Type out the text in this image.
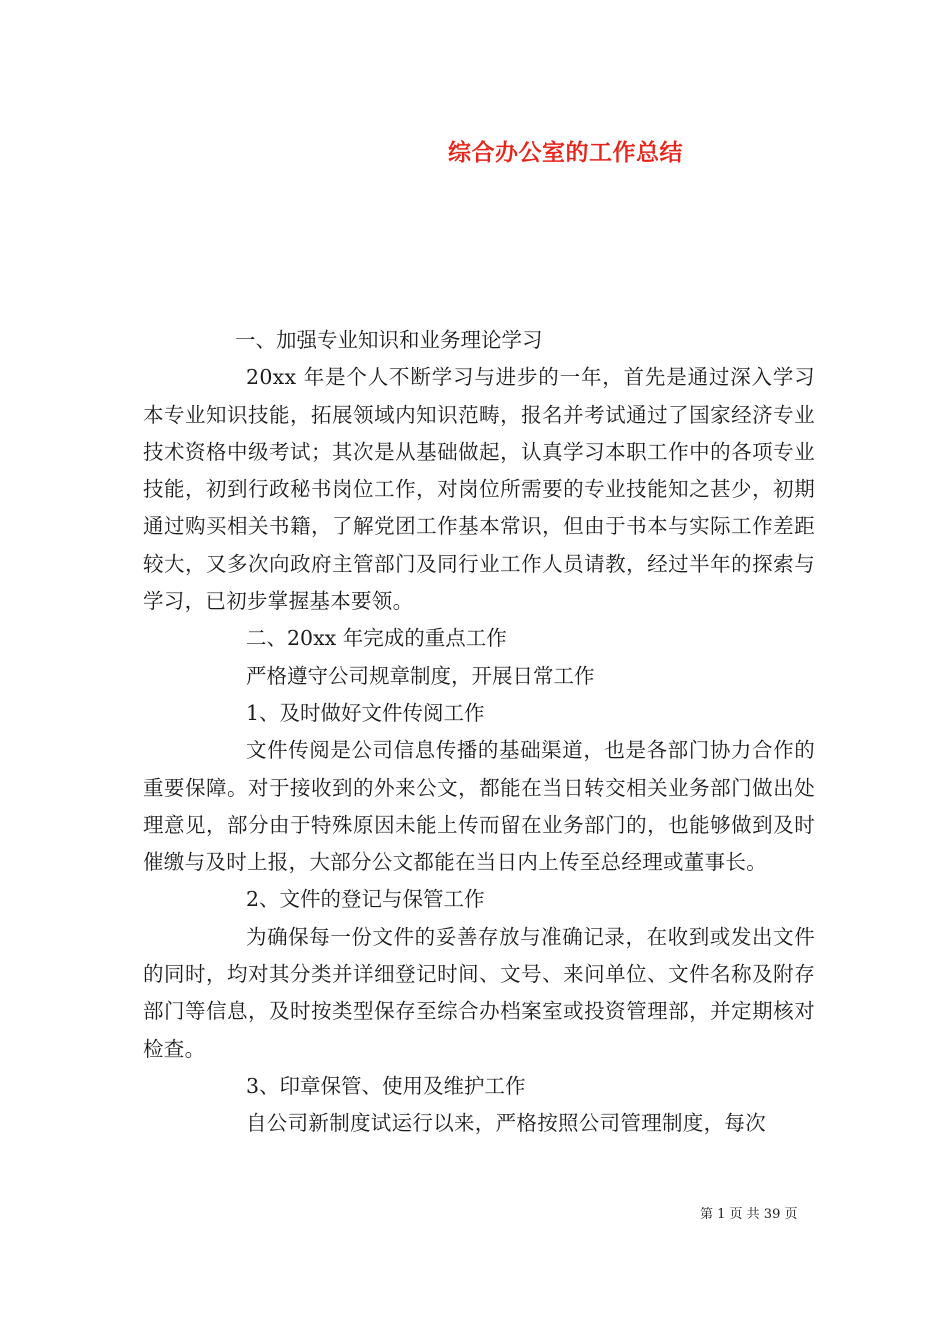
综合办公室的工作总结

一、加强专业知识和业务理论学习

20xx 年是个人不断学习与进步的一年，首先是通过深入学习本专业知识技能，拓展领域内知识范畴，报名并考试通过了国家经济专业技术资格中级考试；其次是从基础做起，认真学习本职工作中的各项专业技能，初到行政秘书岗位工作，对岗位所需要的专业技能知之甚少，初期通过购买相关书籍，了解党团工作基本常识，但由于书本与实际工作差距较大，又多次向政府主管部门及同行业工作人员请教，经过半年的探索与学习，已初步掌握基本要领。

二、20xx 年完成的重点工作

严格遵守公司规章制度，开展日常工作

1、及时做好文件传阅工作

文件传阅是公司信息传播的基础渠道，也是各部门协力合作的重要保障。对于接收到的外来公文，都能在当日转交相关业务部门做出处理意见，部分由于特殊原因未能上传而留在业务部门的，也能够做到及时催缴与及时上报，大部分公文都能在当日内上传至总经理或董事长。

2、文件的登记与保管工作

为确保每一份文件的妥善存放与准确记录，在收到或发出文件的同时，均对其分类并详细登记时间、文号、来问单位、文件名称及附存部门等信息，及时按类型保存至综合办档案室或投资管理部，并定期核对检查。

3、印章保管、使用及维护工作

自公司新制度试运行以来，严格按照公司管理制度，每次

第 1 页 共 39 页
